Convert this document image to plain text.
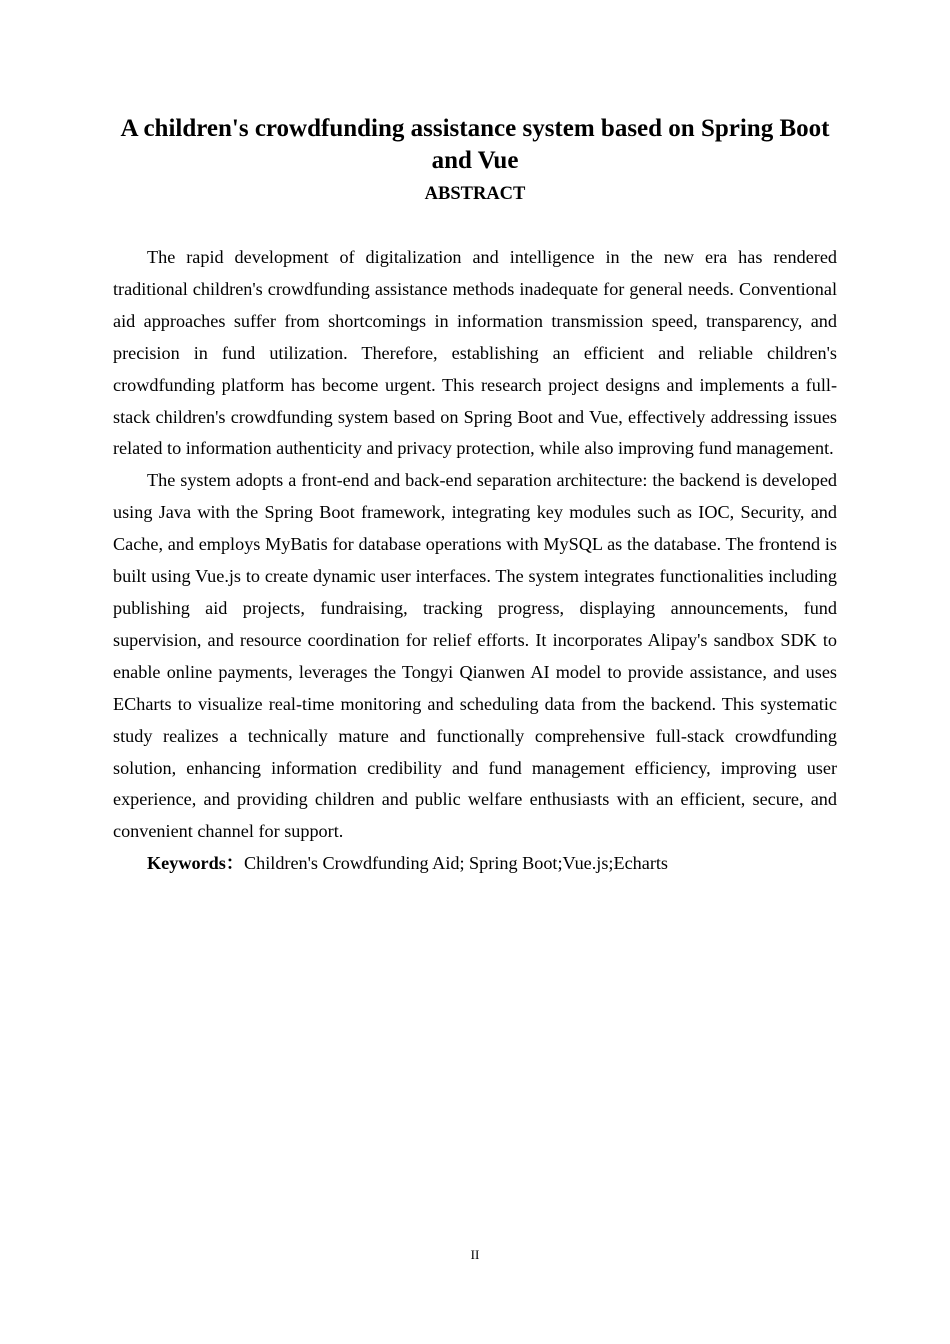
A children's crowdfunding assistance system based on Spring Boot and Vue
ABSTRACT

The rapid development of digitalization and intelligence in the new era has rendered traditional children's crowdfunding assistance methods inadequate for general needs. Conventional aid approaches suffer from shortcomings in information transmission speed, transparency, and precision in fund utilization. Therefore, establishing an efficient and reliable children's crowdfunding platform has become urgent. This research project designs and implements a full-stack children's crowdfunding system based on Spring Boot and Vue, effectively addressing issues related to information authenticity and privacy protection, while also improving fund management.

The system adopts a front-end and back-end separation architecture: the backend is developed using Java with the Spring Boot framework, integrating key modules such as IOC, Security, and Cache, and employs MyBatis for database operations with MySQL as the database. The frontend is built using Vue.js to create dynamic user interfaces. The system integrates functionalities including publishing aid projects, fundraising, tracking progress, displaying announcements, fund supervision, and resource coordination for relief efforts. It incorporates Alipay's sandbox SDK to enable online payments, leverages the Tongyi Qianwen AI model to provide assistance, and uses ECharts to visualize real-time monitoring and scheduling data from the backend. This systematic study realizes a technically mature and functionally comprehensive full-stack crowdfunding solution, enhancing information credibility and fund management efficiency, improving user experience, and providing children and public welfare enthusiasts with an efficient, secure, and convenient channel for support.

Keywords：Children's Crowdfunding Aid; Spring Boot;Vue.js;Echarts

II
